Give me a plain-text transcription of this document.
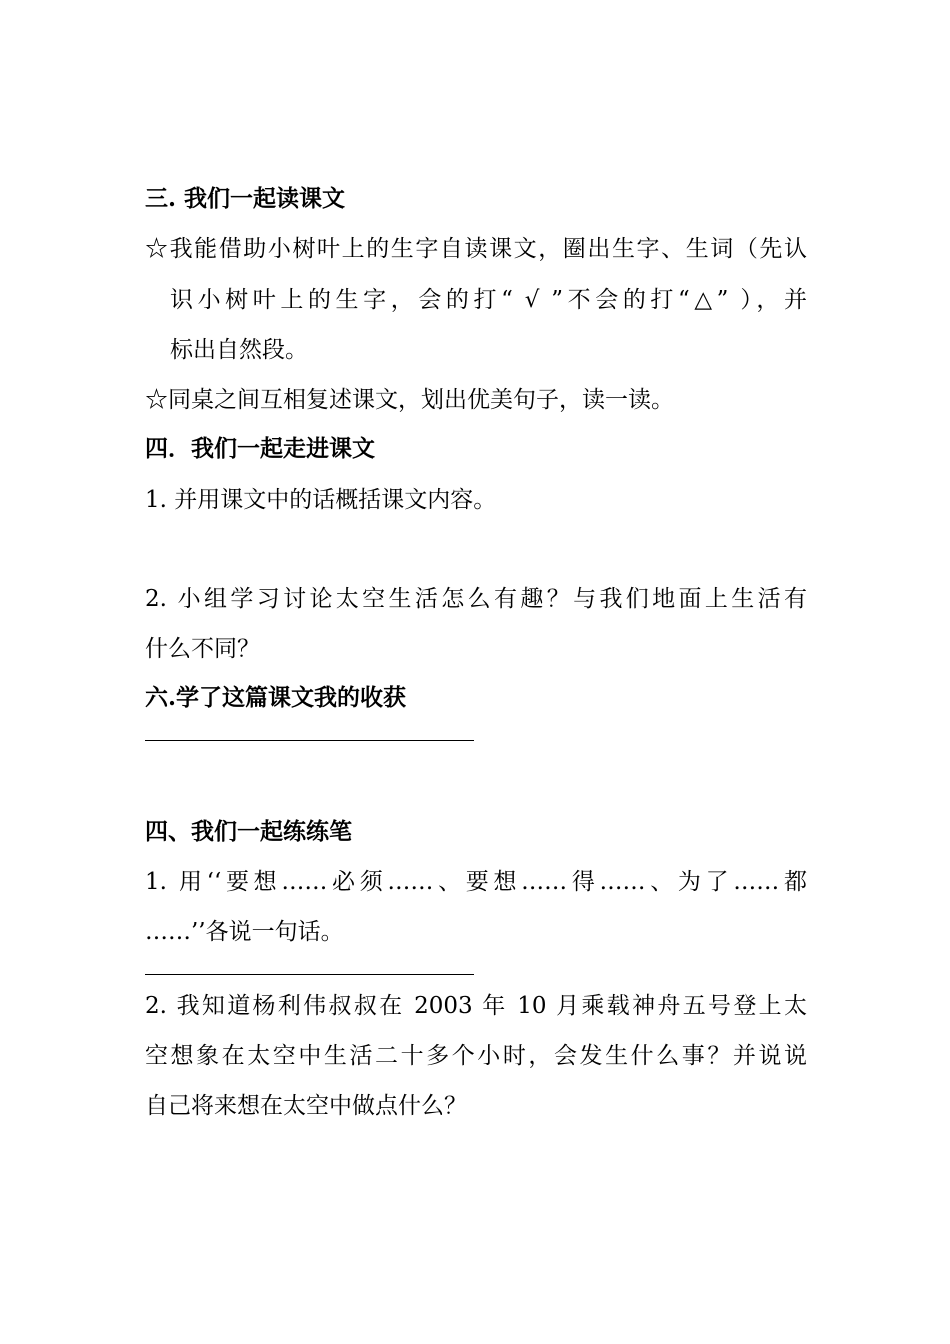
三. 我们一起读课文
☆我能借助小树叶上的生字自读课文，圈出生字、生词（先认
识小树叶上的生字，会的打“ √ ”不会的打“△” ），并
标出自然段。
☆同桌之间互相复述课文，划出优美句子，读一读。
四．我们一起走进课文
1. 并用课文中的话概括课文内容。
2. 小组学习讨论太空生活怎么有趣？与我们地面上生活有
什么不同？
六.学了这篇课文我的收获
四、我们一起练练笔
1. 用‘‘要想……必须……、要想……得……、为了……都
……’’各说一句话。
2. 我知道杨利伟叔叔在 2003 年 10 月乘载神舟五号登上太
空想象在太空中生活二十多个小时，会发生什么事？并说说
自己将来想在太空中做点什么？
